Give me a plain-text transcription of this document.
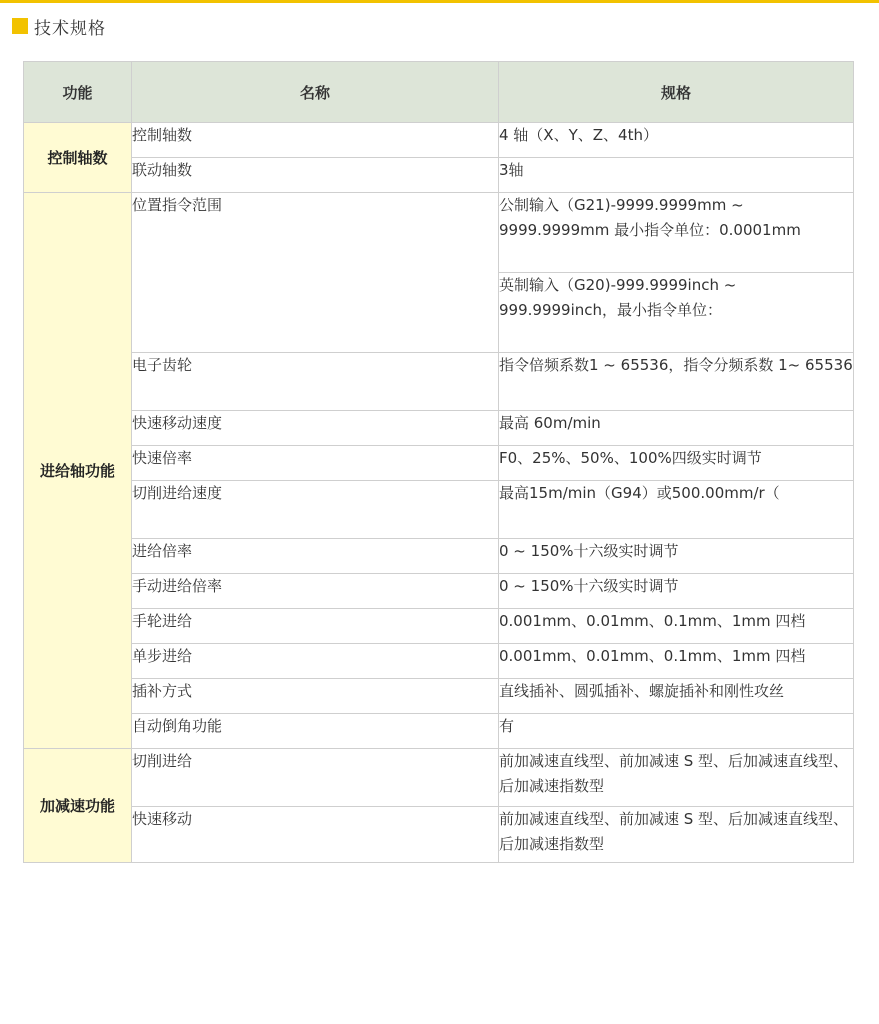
技术规格
功能	名称	规格
控制轴数	控制轴数	4 轴（X、Y、Z、4th）
	联动轴数	3轴
进给轴功能	位置指令范围	公制输入（G21)-9999.9999mm ~ 9999.9999mm 最小指令单位：0.0001mm
		英制输入（G20)-999.9999inch ~ 999.9999inch，最小指令单位：
	电子齿轮	指令倍频系数1 ~ 65536，指令分频系数 1~ 65536
	快速移动速度	最高 60m/min
	快速倍率	F0、25%、50%、100%四级实时调节
	切削进给速度	最高15m/min（G94）或500.00mm/r（
	进给倍率	0 ~ 150%十六级实时调节
	手动进给倍率	0 ~ 150%十六级实时调节
	手轮进给	0.001mm、0.01mm、0.1mm、1mm 四档
	单步进给	0.001mm、0.01mm、0.1mm、1mm 四档
	插补方式	直线插补、圆弧插补、螺旋插补和刚性攻丝
	自动倒角功能	有
加减速功能	切削进给	前加减速直线型、前加减速 S 型、后加减速直线型、后加减速指数型
	快速移动	前加减速直线型、前加减速 S 型、后加减速直线型、后加减速指数型
